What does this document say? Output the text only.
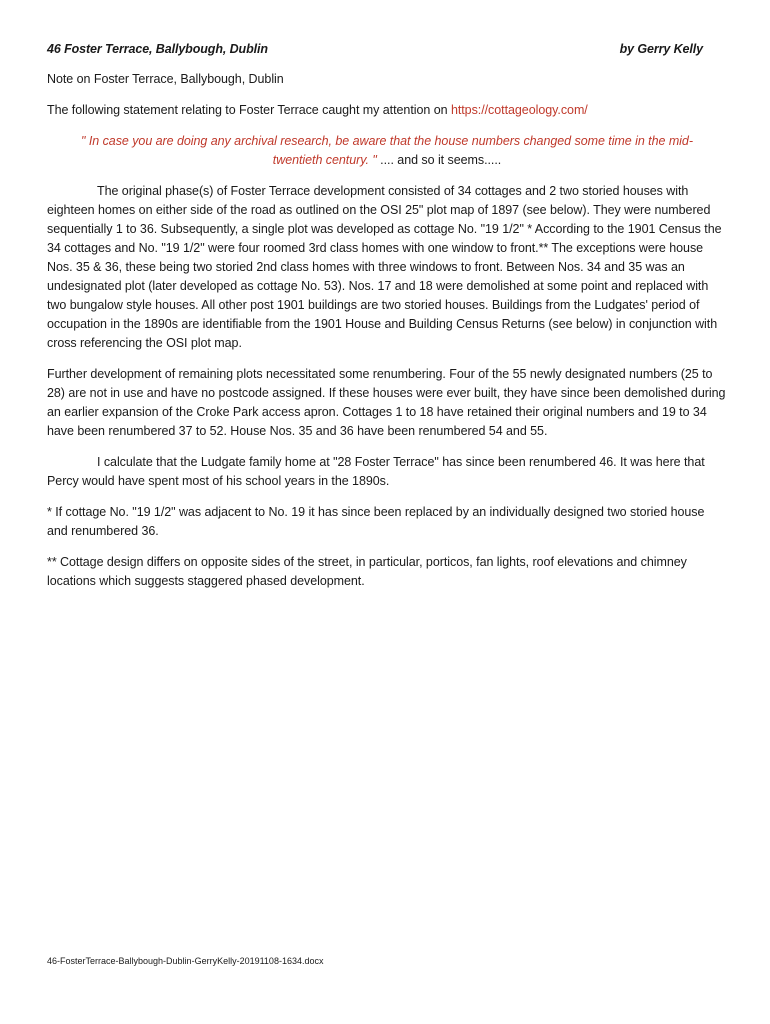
46 Foster Terrace, Ballybough, Dublin	by Gerry Kelly

Note on Foster Terrace, Ballybough, Dublin

The following statement relating to Foster Terrace caught my attention on https://cottageology.com/

" In case you are doing any archival research, be aware that the house numbers changed some time in the mid-twentieth century. " .... and so it seems.....

The original phase(s) of Foster Terrace development consisted of 34 cottages and 2 two storied houses with eighteen homes on either side of the road as outlined on the OSI 25" plot map of 1897 (see below). They were numbered sequentially 1 to 36. Subsequently, a single plot was developed as cottage No. "19 1/2" * According to the 1901 Census the 34 cottages and No. "19 1/2" were four roomed 3rd class homes with one window to front.** The exceptions were house Nos. 35 & 36, these being two storied 2nd class homes with three windows to front. Between Nos. 34 and 35 was an undesignated plot (later developed as cottage No. 53). Nos. 17 and 18 were demolished at some point and replaced with two bungalow style houses. All other post 1901 buildings are two storied houses. Buildings from the Ludgates' period of occupation in the 1890s are identifiable from the 1901 House and Building Census Returns (see below) in conjunction with cross referencing the OSI plot map.

Further development of remaining plots necessitated some renumbering. Four of the 55 newly designated numbers (25 to 28) are not in use and have no postcode assigned. If these houses were ever built, they have since been demolished during an earlier expansion of the Croke Park access apron. Cottages 1 to 18 have retained their original numbers and 19 to 34 have been renumbered 37 to 52. House Nos. 35 and 36 have been renumbered 54 and 55.

I calculate that the Ludgate family home at "28 Foster Terrace" has since been renumbered 46. It was here that Percy would have spent most of his school years in the 1890s.

* If cottage No. "19 1/2" was adjacent to No. 19 it has since been replaced by an individually designed two storied house and renumbered 36.

** Cottage design differs on opposite sides of the street, in particular, porticos, fan lights, roof elevations and chimney locations which suggests staggered phased development.

46-FosterTerrace-Ballybough-Dublin-GerryKelly-20191108-1634.docx
